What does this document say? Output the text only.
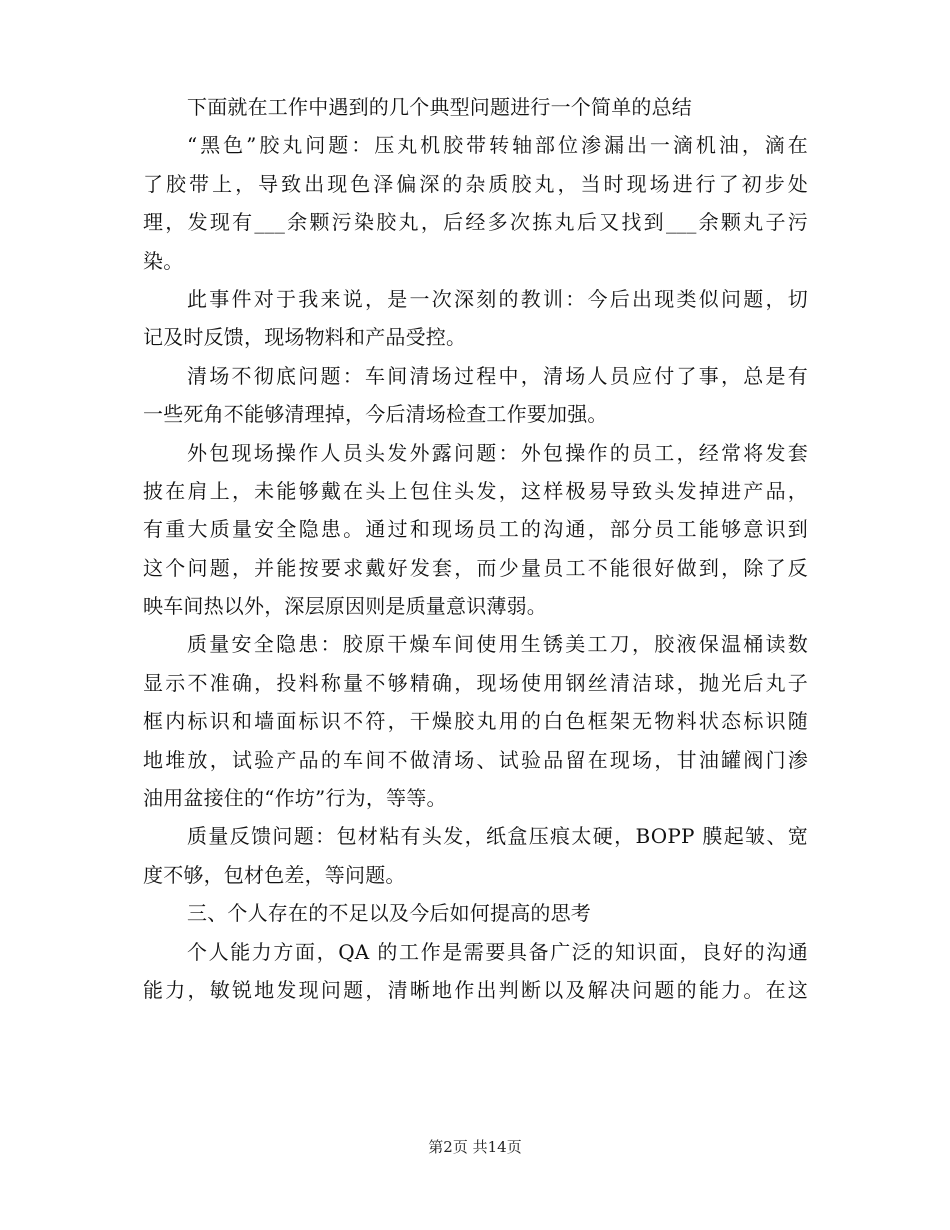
下面就在工作中遇到的几个典型问题进行一个简单的总结
“黑色”胶丸问题：压丸机胶带转轴部位渗漏出一滴机油，滴在
了胶带上，导致出现色泽偏深的杂质胶丸，当时现场进行了初步处
理，发现有___余颗污染胶丸，后经多次拣丸后又找到___余颗丸子污
染。
此事件对于我来说，是一次深刻的教训：今后出现类似问题，切
记及时反馈，现场物料和产品受控。
清场不彻底问题：车间清场过程中，清场人员应付了事，总是有
一些死角不能够清理掉，今后清场检查工作要加强。
外包现场操作人员头发外露问题：外包操作的员工，经常将发套
披在肩上，未能够戴在头上包住头发，这样极易导致头发掉进产品，
有重大质量安全隐患。通过和现场员工的沟通，部分员工能够意识到
这个问题，并能按要求戴好发套，而少量员工不能很好做到，除了反
映车间热以外，深层原因则是质量意识薄弱。
质量安全隐患：胶原干燥车间使用生锈美工刀，胶液保温桶读数
显示不准确，投料称量不够精确，现场使用钢丝清洁球，抛光后丸子
框内标识和墙面标识不符，干燥胶丸用的白色框架无物料状态标识随
地堆放，试验产品的车间不做清场、试验品留在现场，甘油罐阀门渗
油用盆接住的“作坊”行为，等等。
质量反馈问题：包材粘有头发，纸盒压痕太硬，BOPP 膜起皱、宽
度不够，包材色差，等问题。
三、个人存在的不足以及今后如何提高的思考
个人能力方面，QA 的工作是需要具备广泛的知识面，良好的沟通
能力，敏锐地发现问题，清晰地作出判断以及解决问题的能力。在这
第2页 共14页
